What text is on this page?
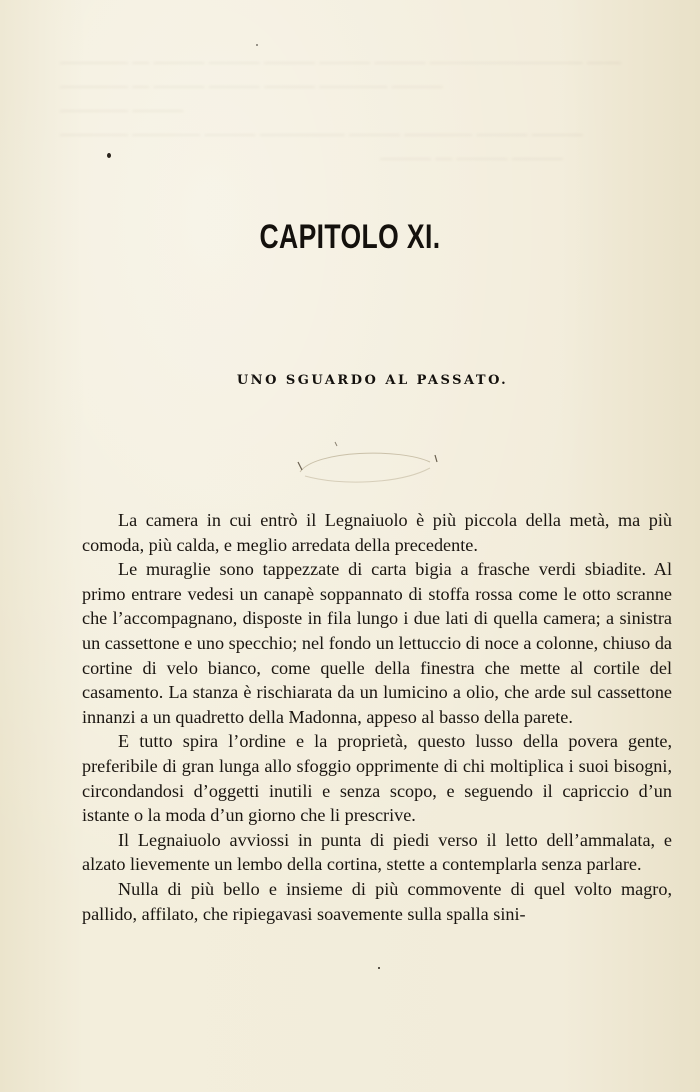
———— — ——— ——— ——— ——— ——— ————————— ——
———— — ——— ——— ——— ———— ———
———— ———
———— ———— ——— ————— ——— ———— ——— ———
——— — ——— ———
CAPITOLO XI.
UNO SGUARDO AL PASSATO.

La camera in cui entrò il Legnaiuolo è più piccola della metà, ma più comoda, più calda, e meglio arredata della precedente.

Le muraglie sono tappezzate di carta bigia a frasche verdi sbiadite. Al primo entrare vedesi un canapè soppannato di stoffa rossa come le otto scranne che l’accompagnano, disposte in fila lungo i due lati di quella camera; a sinistra un cassettone e uno specchio; nel fondo un lettuccio di noce a colonne, chiuso da cortine di velo bianco, come quelle della finestra che mette al cortile del casamento. La stanza è rischiarata da un lumicino a olio, che arde sul cassettone innanzi a un quadretto della Madonna, appeso al basso della parete.

E tutto spira l’ordine e la proprietà, questo lusso della povera gente, preferibile di gran lunga allo sfoggio opprimente di chi moltiplica i suoi bisogni, circondandosi d’oggetti inutili e senza scopo, e seguendo il capriccio d’un istante o la moda d’un giorno che li prescrive.

Il Legnaiuolo avviossi in punta di piedi verso il letto dell’ammalata, e alzato lievemente un lembo della cortina, stette a contemplarla senza parlare.

Nulla di più bello e insieme di più commovente di quel volto magro, pallido, affilato, che ripiegavasi soavemente sulla spalla sini-
